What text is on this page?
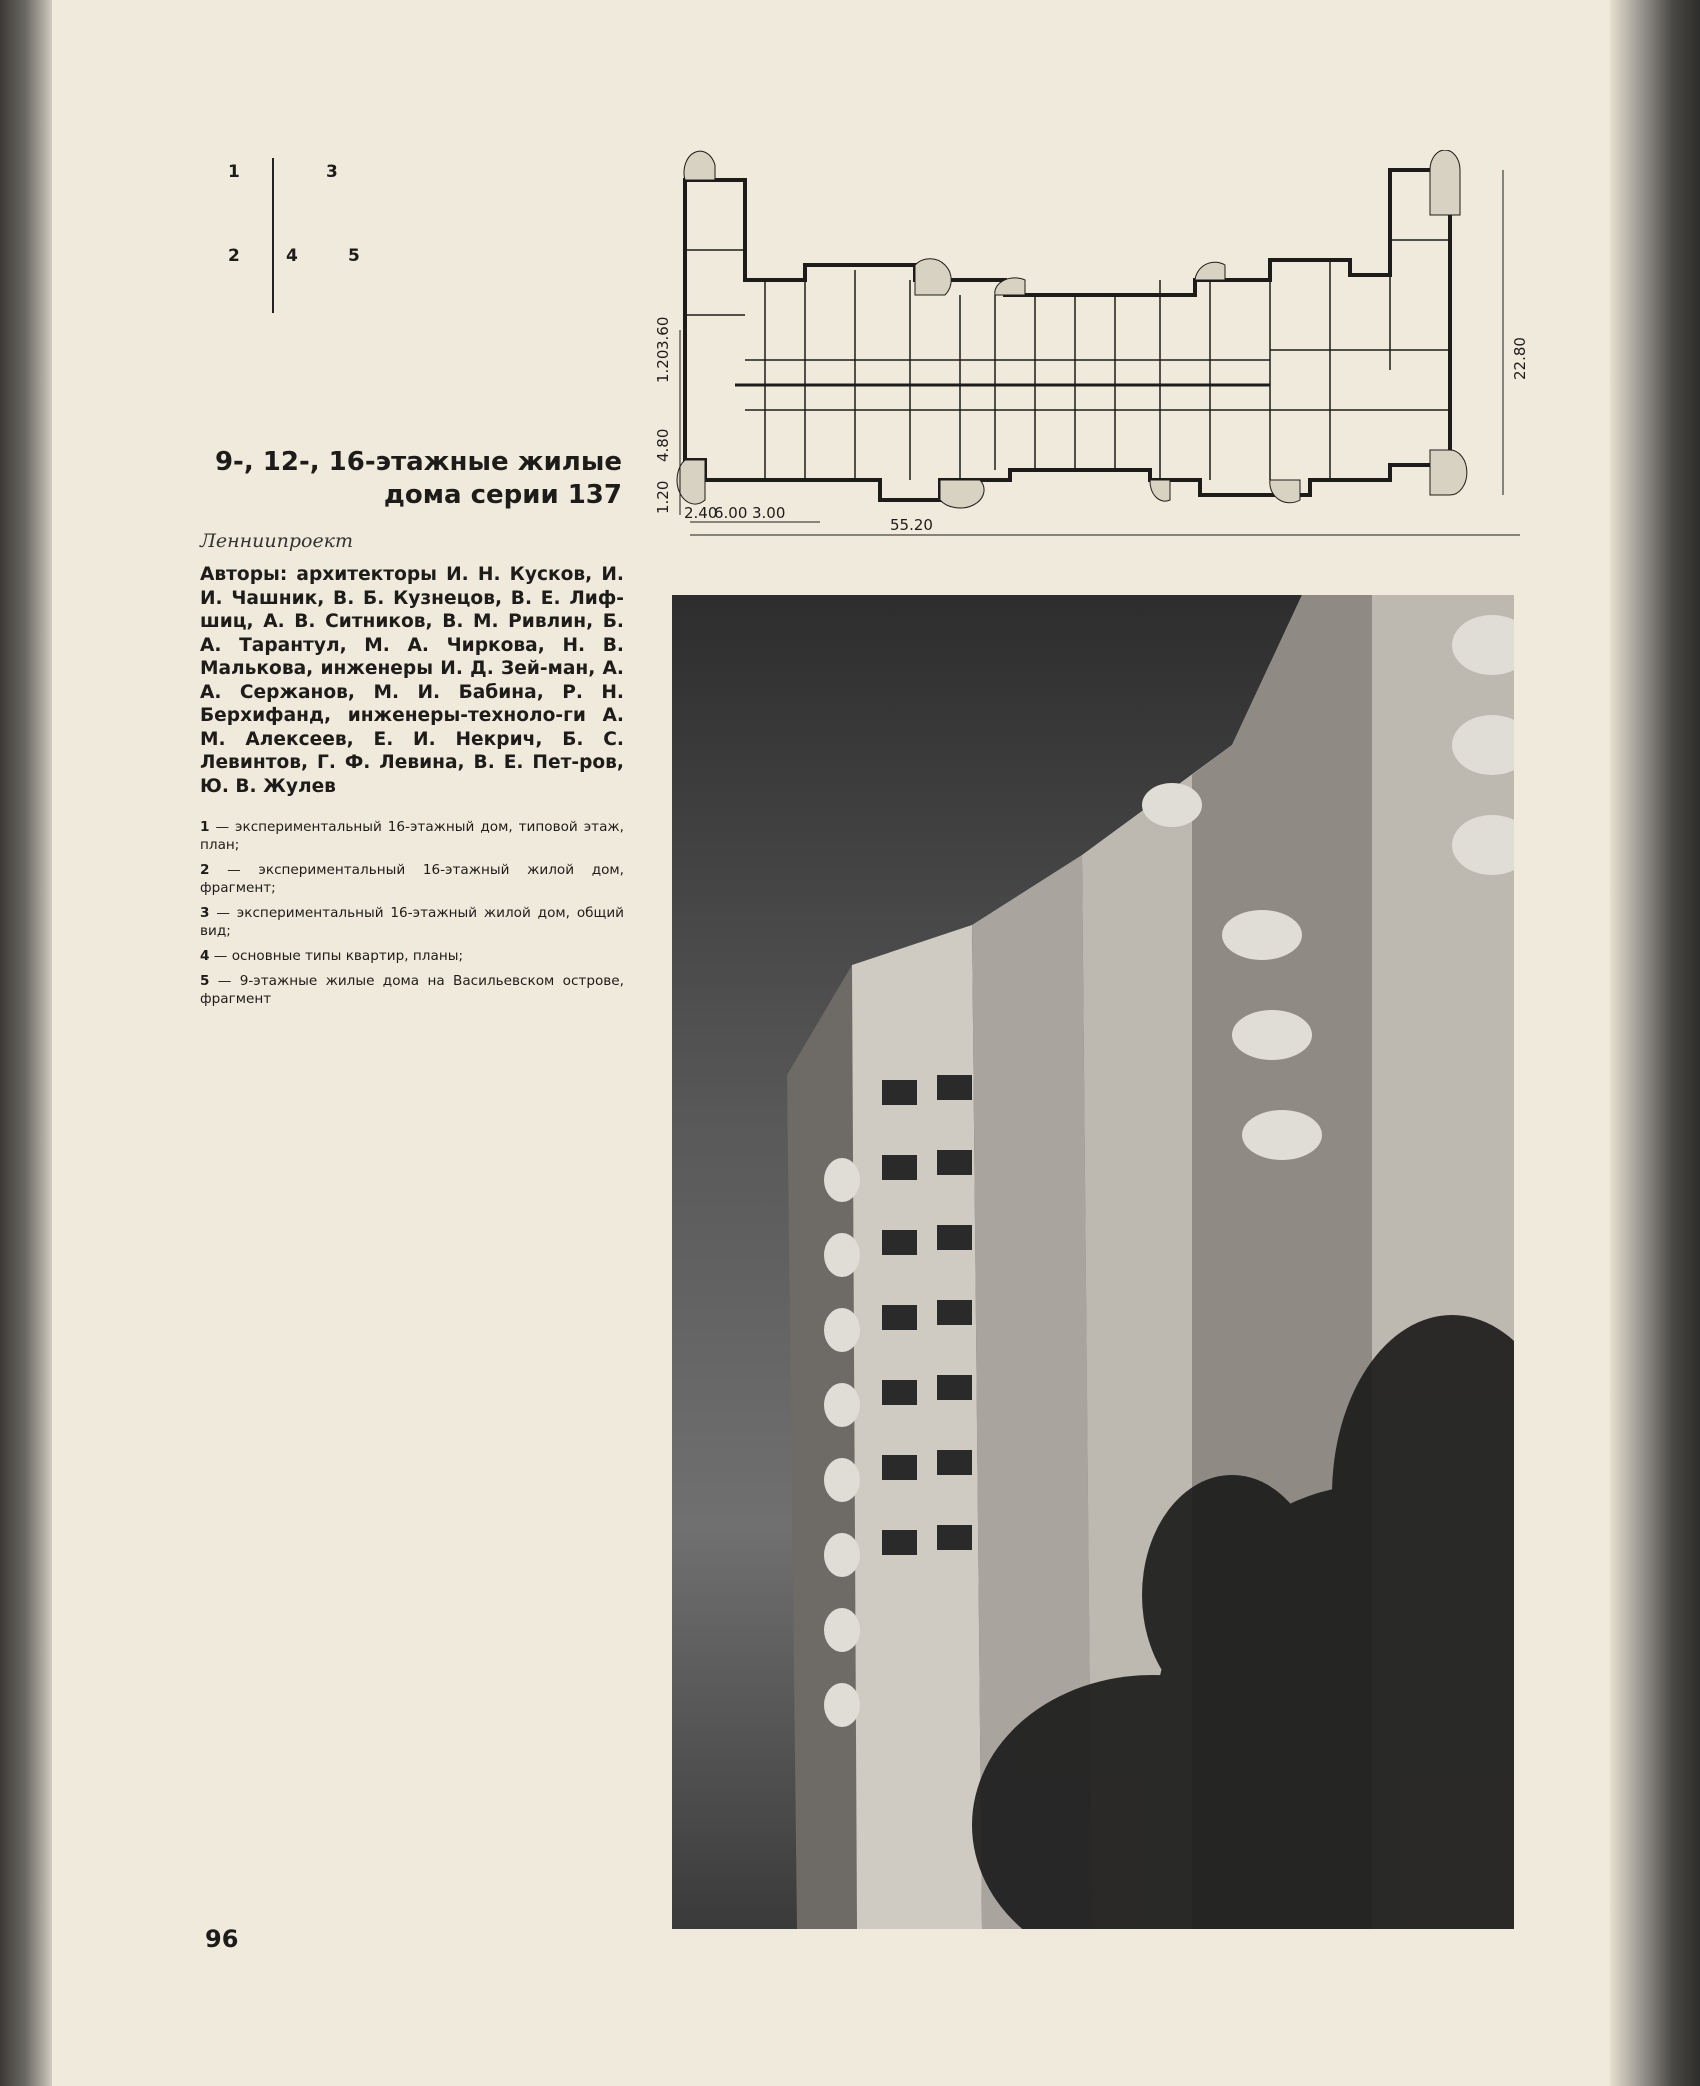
1	3
2	4	5
9-, 12-, 16-этажные жилые
дома серии 137
Ленниипроект
Авторы: архитекторы И. Н. Кусков, И. И. Чашник, В. Б. Кузнецов, В. Е. Лиф-шиц, А. В. Ситников, В. М. Ривлин, Б. А. Тарантул, М. А. Чиркова, Н. В. Малькова, инженеры И. Д. Зей-ман, А. А. Сержанов, М. И. Бабина, Р. Н. Берхифанд, инженеры-техноло-ги А. М. Алексеев, Е. И. Некрич, Б. С. Левинтов, Г. Ф. Левина, В. Е. Пет-ров, Ю. В. Жулев

1 — экспериментальный 16-этажный дом, типовой этаж, план;

2 — экспериментальный 16-этажный жилой дом, фрагмент;

3 — экспериментальный 16-этажный жилой дом, общий вид;

4 — основные типы квартир, планы;

5 — 9-этажные жилые дома на Васильевском острове, фрагмент

1.20
4.80
1.20
3.60
2.40
6.00 3.00
55.20
22.80
96
